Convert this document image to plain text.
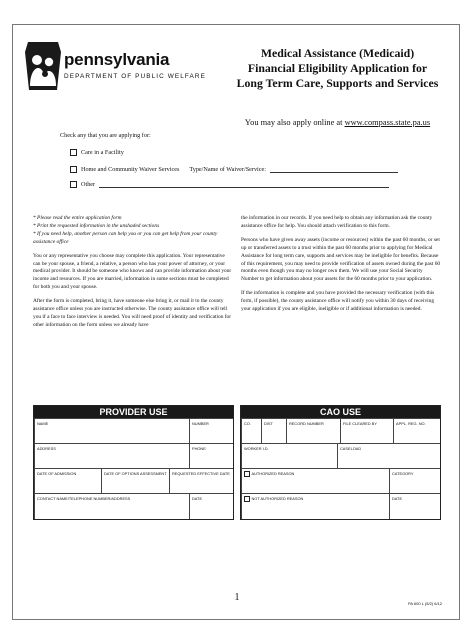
pennsylvania
DEPARTMENT OF PUBLIC WELFARE
Medical Assistance (Medicaid)
Financial Eligibility Application for
Long Term Care, Supports and Services
You may also apply online at www.compass.state.pa.us
Check any that you are applying for:
Care in a Facility
Home and Community Waiver Services Type/Name of Waiver/Service:
Other

* Please read the entire application form
* Print the requested information in the unshaded sections
* If you need help, another person can help you or you can get help from your county assistance office

You or any representative you choose may complete this application. Your representative can be your spouse, a friend, a relative, a person who has your power of attorney, or your medical provider. It should be someone who knows and can provide information about your income and resources. If you are married, information in some sections must be completed for both you and your spouse.

After the form is completed, bring it, have someone else bring it, or mail it to the county assistance office unless you are instructed otherwise. The county assistance office will tell you if a face to face interview is needed. You will need proof of identity and verification for other information on the form unless we already have

the information in our records. If you need help to obtain any information ask the county assistance office for help. You should attach verification to this form.

Persons who have given away assets (income or resources) within the past 60 months, or set up or transferred assets to a trust within the past 60 months prior to applying for Medical Assistance for long term care, supports and services may be ineligible for benefits. Because of this requirement, you may need to provide verification of assets owned during the past 60 months even though you may no longer own them. We will use your Social Security Number to get information about your assets for the 60 months prior to your application.

If the information is complete and you have provided the necessary verification (with this form, if possible), the county assistance office will notify you within 30 days of receiving your application if you are eligible, ineligible or if additional information is needed.

PROVIDER USE
NAME	NUMBER
ADDRESS	PHONE
DATE OF ADMISSION	DATE OF OPTIONS ASSESSMENT	REQUESTED EFFECTIVE DATE
CONTACT NAME/TELEPHONE NUMBER/ADDRESS	DATE
CAO USE
CO.	DIST	RECORD NUMBER	FILE CLEARED BY	APPL. REG. NO.
WORKER I.D.	CASELOAD
AUTHORIZED REASON	CATEGORY
NOT AUTHORIZED REASON	DATE
1
PA 600 L (5/2) 6/12
